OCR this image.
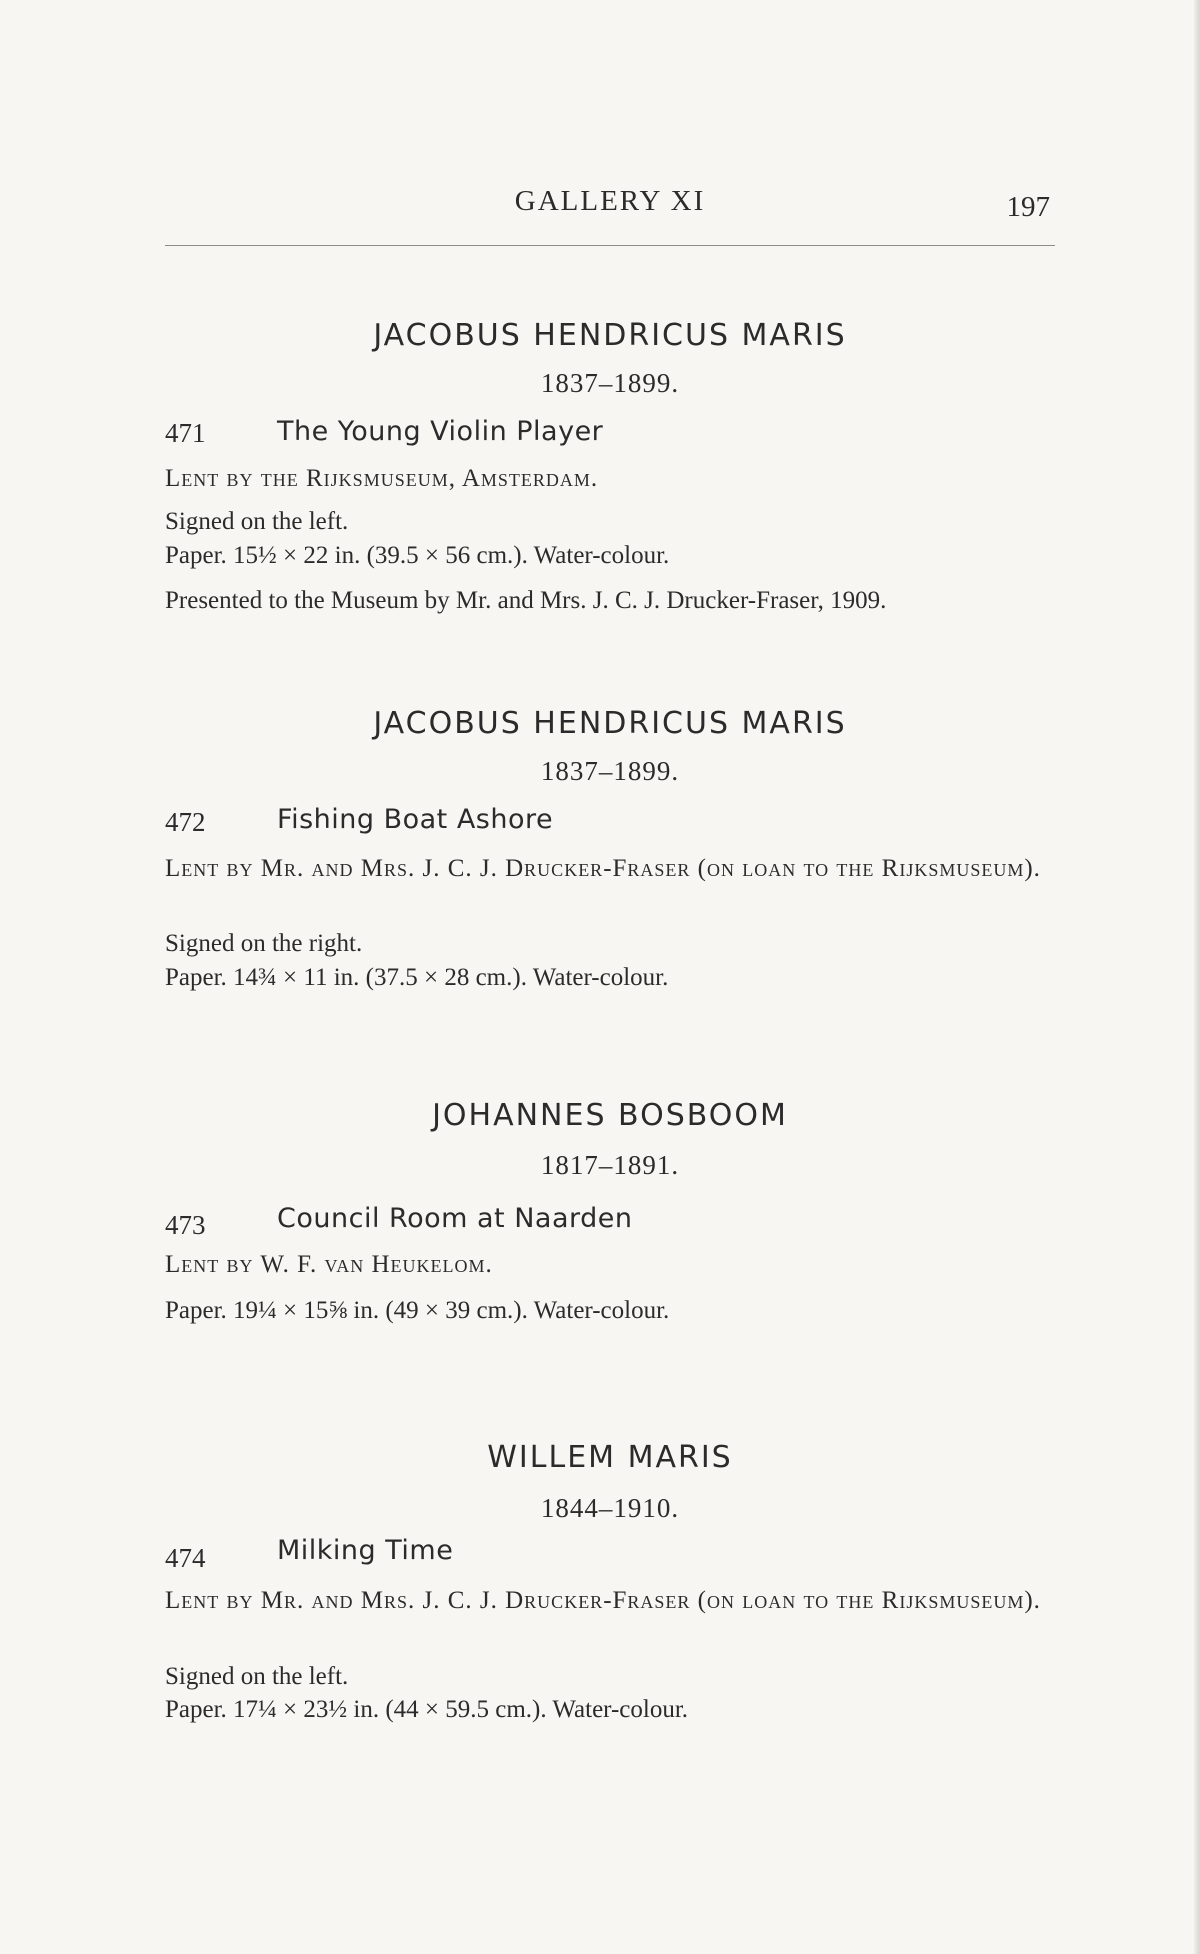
GALLERY XI	197
JACOBUS HENDRICUS MARIS
1837–1899.
471	The Young Violin Player
Lent by the Rijksmuseum, Amsterdam.
Signed on the left.
Paper. 15½ × 22 in. (39.5 × 56 cm.). Water-colour.
Presented to the Museum by Mr. and Mrs. J. C. J. Drucker-Fraser, 1909.
JACOBUS HENDRICUS MARIS
1837–1899.
472	Fishing Boat Ashore
Lent by Mr. and Mrs. J. C. J. Drucker-Fraser (on loan to the Rijksmuseum).
Signed on the right.
Paper. 14¾ × 11 in. (37.5 × 28 cm.). Water-colour.
JOHANNES BOSBOOM
1817–1891.
473	Council Room at Naarden
Lent by W. F. van Heukelom.
Paper. 19¼ × 15⅝ in. (49 × 39 cm.). Water-colour.
WILLEM MARIS
1844–1910.
474	Milking Time
Lent by Mr. and Mrs. J. C. J. Drucker-Fraser (on loan to the Rijksmuseum).
Signed on the left.
Paper. 17¼ × 23½ in. (44 × 59.5 cm.). Water-colour.
